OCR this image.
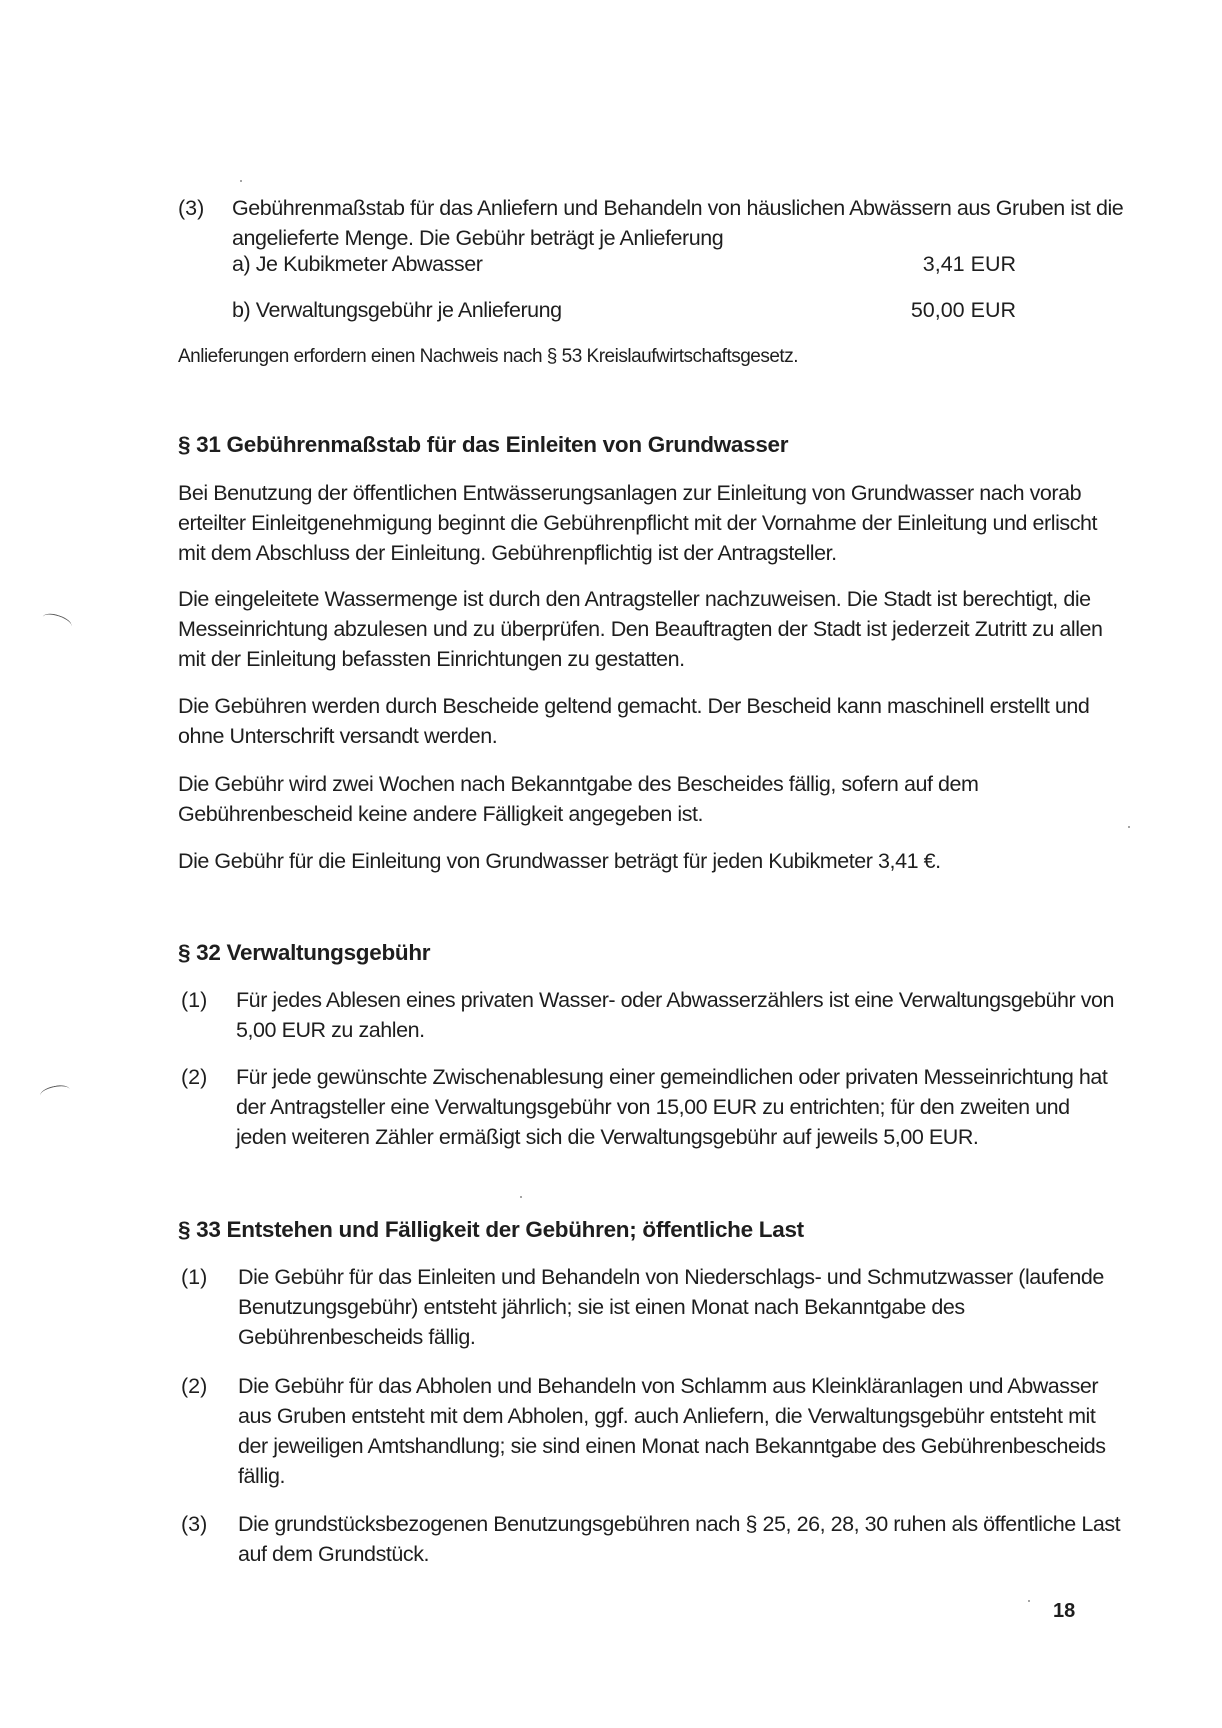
(3) Gebührenmaßstab für das Anliefern und Behandeln von häuslichen Abwässern aus Gruben ist die
angelieferte Menge. Die Gebühr beträgt je Anlieferung
a) Je Kubikmeter Abwasser	3,41 EUR
b) Verwaltungsgebühr je Anlieferung	50,00 EUR
Anlieferungen erfordern einen Nachweis nach § 53 Kreislaufwirtschaftsgesetz.
§ 31 Gebührenmaßstab für das Einleiten von Grundwasser
Bei Benutzung der öffentlichen Entwässerungsanlagen zur Einleitung von Grundwasser nach vorab
erteilter Einleitgenehmigung beginnt die Gebührenpflicht mit der Vornahme der Einleitung und erlischt
mit dem Abschluss der Einleitung. Gebührenpflichtig ist der Antragsteller.
Die eingeleitete Wassermenge ist durch den Antragsteller nachzuweisen. Die Stadt ist berechtigt, die
Messeinrichtung abzulesen und zu überprüfen. Den Beauftragten der Stadt ist jederzeit Zutritt zu allen
mit der Einleitung befassten Einrichtungen zu gestatten.
Die Gebühren werden durch Bescheide geltend gemacht. Der Bescheid kann maschinell erstellt und
ohne Unterschrift versandt werden.
Die Gebühr wird zwei Wochen nach Bekanntgabe des Bescheides fällig, sofern auf dem
Gebührenbescheid keine andere Fälligkeit angegeben ist.
Die Gebühr für die Einleitung von Grundwasser beträgt für jeden Kubikmeter 3,41 €.
§ 32 Verwaltungsgebühr
(1) Für jedes Ablesen eines privaten Wasser- oder Abwasserzählers ist eine Verwaltungsgebühr von
5,00 EUR zu zahlen.
(2) Für jede gewünschte Zwischenablesung einer gemeindlichen oder privaten Messeinrichtung hat
der Antragsteller eine Verwaltungsgebühr von 15,00 EUR zu entrichten; für den zweiten und
jeden weiteren Zähler ermäßigt sich die Verwaltungsgebühr auf jeweils 5,00 EUR.
§ 33 Entstehen und Fälligkeit der Gebühren; öffentliche Last
(1) Die Gebühr für das Einleiten und Behandeln von Niederschlags- und Schmutzwasser (laufende
Benutzungsgebühr) entsteht jährlich; sie ist einen Monat nach Bekanntgabe des
Gebührenbescheids fällig.
(2) Die Gebühr für das Abholen und Behandeln von Schlamm aus Kleinkläranlagen und Abwasser
aus Gruben entsteht mit dem Abholen, ggf. auch Anliefern, die Verwaltungsgebühr entsteht mit
der jeweiligen Amtshandlung; sie sind einen Monat nach Bekanntgabe des Gebührenbescheids
fällig.
(3) Die grundstücksbezogenen Benutzungsgebühren nach § 25, 26, 28, 30 ruhen als öffentliche Last
auf dem Grundstück.
18
